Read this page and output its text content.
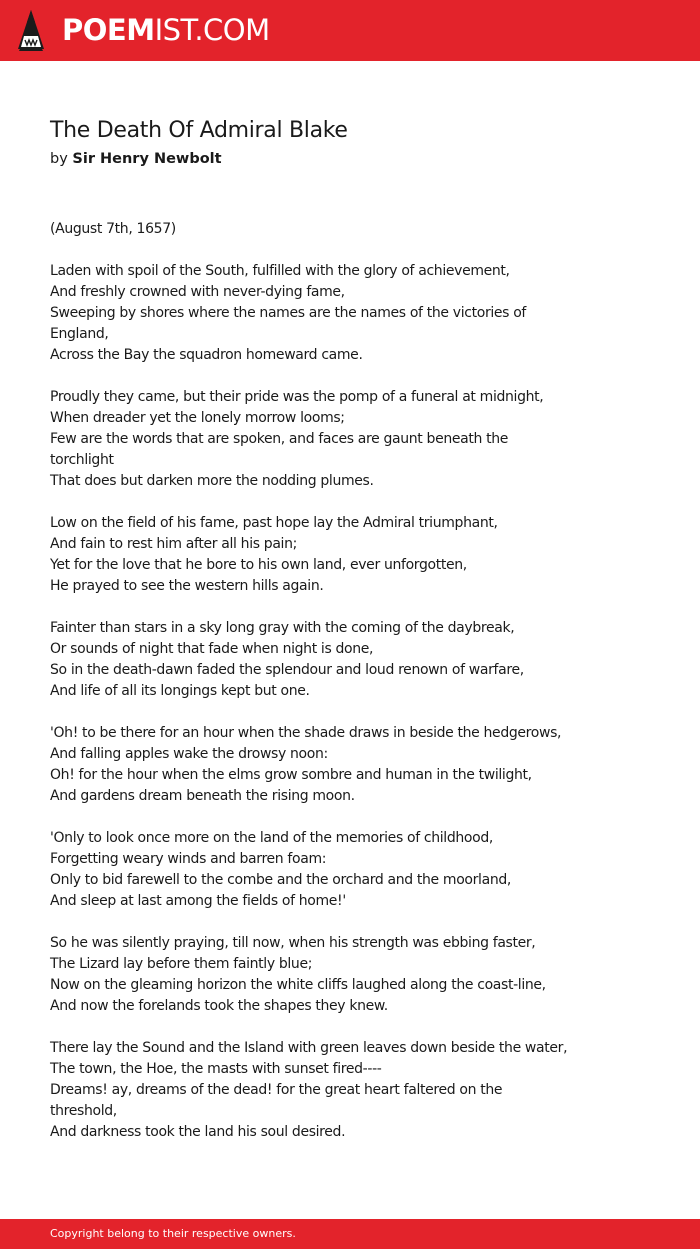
POEMIST.COM
The Death Of Admiral Blake
by Sir Henry Newbolt
(August 7th, 1657)
Laden with spoil of the South, fulfilled with the glory of achievement,
And freshly crowned with never-dying fame,
Sweeping by shores where the names are the names of the victories of
England,
Across the Bay the squadron homeward came.
Proudly they came, but their pride was the pomp of a funeral at midnight,
When dreader yet the lonely morrow looms;
Few are the words that are spoken, and faces are gaunt beneath the
torchlight
That does but darken more the nodding plumes.
Low on the field of his fame, past hope lay the Admiral triumphant,
And fain to rest him after all his pain;
Yet for the love that he bore to his own land, ever unforgotten,
He prayed to see the western hills again.
Fainter than stars in a sky long gray with the coming of the daybreak,
Or sounds of night that fade when night is done,
So in the death-dawn faded the splendour and loud renown of warfare,
And life of all its longings kept but one.
'Oh! to be there for an hour when the shade draws in beside the hedgerows,
And falling apples wake the drowsy noon:
Oh! for the hour when the elms grow sombre and human in the twilight,
And gardens dream beneath the rising moon.
'Only to look once more on the land of the memories of childhood,
Forgetting weary winds and barren foam:
Only to bid farewell to the combe and the orchard and the moorland,
And sleep at last among the fields of home!'
So he was silently praying, till now, when his strength was ebbing faster,
The Lizard lay before them faintly blue;
Now on the gleaming horizon the white cliffs laughed along the coast-line,
And now the forelands took the shapes they knew.
There lay the Sound and the Island with green leaves down beside the water,
The town, the Hoe, the masts with sunset fired----
Dreams! ay, dreams of the dead! for the great heart faltered on the
threshold,
And darkness took the land his soul desired.
Copyright belong to their respective owners.
